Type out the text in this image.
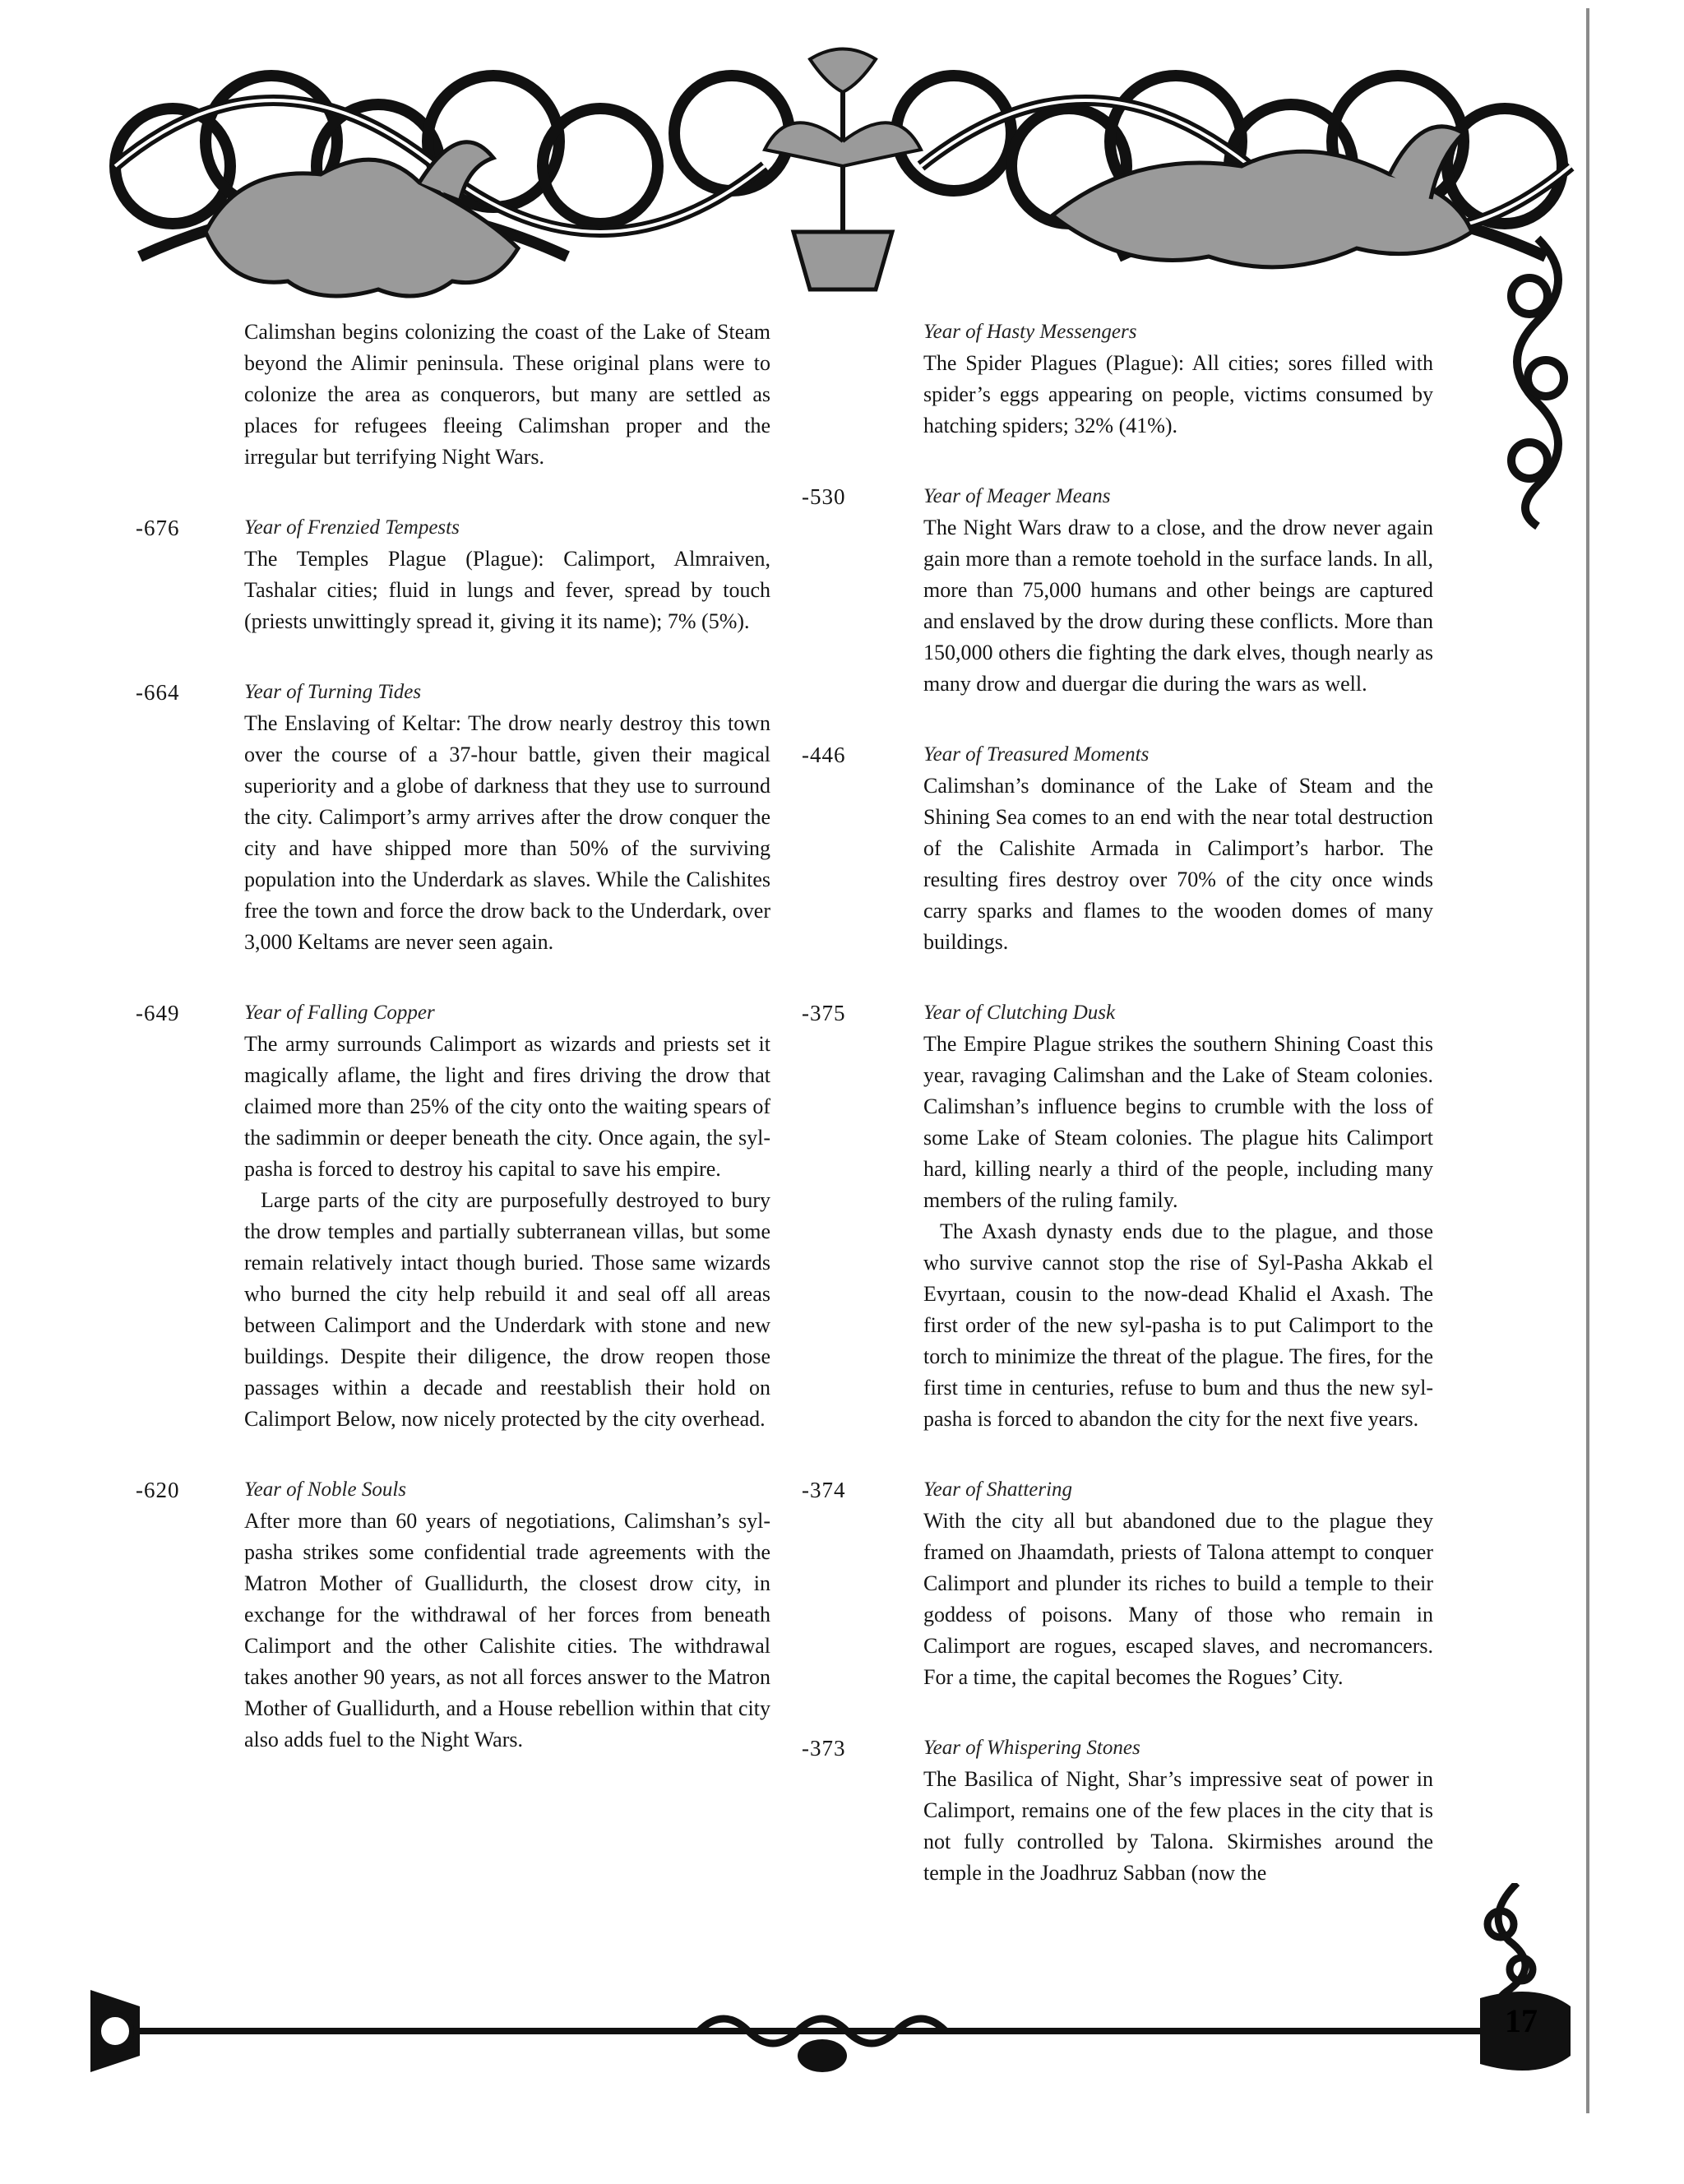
17

Calimshan begins colonizing the coast of the Lake of Steam beyond the Alimir peninsula. These original plans were to colonize the area as conquerors, but many are settled as places for refugees fleeing Calimshan proper and the irregular but terrifying Night Wars.

-676	Year of Frenzied Tempests

The Temples Plague (Plague): Calimport, Almraiven, Tashalar cities; fluid in lungs and fever, spread by touch (priests unwittingly spread it, giving it its name); 7% (5%).

-664	Year of Turning Tides

The Enslaving of Keltar: The drow nearly destroy this town over the course of a 37-hour battle, given their magical superiority and a globe of darkness that they use to surround the city. Calimport’s army arrives after the drow conquer the city and have shipped more than 50% of the surviving population into the Underdark as slaves. While the Calishites free the town and force the drow back to the Underdark, over 3,000 Keltams are never seen again.

-649	Year of Falling Copper

The army surrounds Calimport as wizards and priests set it magically aflame, the light and fires driving the drow that claimed more than 25% of the city onto the waiting spears of the sadimmin or deeper beneath the city. Once again, the syl-pasha is forced to destroy his capital to save his empire.

Large parts of the city are purposefully destroyed to bury the drow temples and partially subterranean villas, but some remain relatively intact though buried. Those same wizards who burned the city help rebuild it and seal off all areas between Calimport and the Underdark with stone and new buildings. Despite their diligence, the drow reopen those passages within a decade and reestablish their hold on Calimport Below, now nicely protected by the city overhead.

-620	Year of Noble Souls

After more than 60 years of negotiations, Calimshan’s syl-pasha strikes some confidential trade agreements with the Matron Mother of Guallidurth, the closest drow city, in exchange for the withdrawal of her forces from beneath Calimport and the other Calishite cities. The withdrawal takes another 90 years, as not all forces answer to the Matron Mother of Guallidurth, and a House rebellion within that city also adds fuel to the Night Wars.

Year of Hasty Messengers

The Spider Plagues (Plague): All cities; sores filled with spider’s eggs appearing on people, victims consumed by hatching spiders; 32% (41%).

-530	Year of Meager Means

The Night Wars draw to a close, and the drow never again gain more than a remote toehold in the surface lands. In all, more than 75,000 humans and other beings are captured and enslaved by the drow during these conflicts. More than 150,000 others die fighting the dark elves, though nearly as many drow and duergar die during the wars as well.

-446	Year of Treasured Moments

Calimshan’s dominance of the Lake of Steam and the Shining Sea comes to an end with the near total destruction of the Calishite Armada in Calimport’s harbor. The resulting fires destroy over 70% of the city once winds carry sparks and flames to the wooden domes of many buildings.

-375	Year of Clutching Dusk

The Empire Plague strikes the southern Shining Coast this year, ravaging Calimshan and the Lake of Steam colonies. Calimshan’s influence begins to crumble with the loss of some Lake of Steam colonies. The plague hits Calimport hard, killing nearly a third of the people, including many members of the ruling family.

The Axash dynasty ends due to the plague, and those who survive cannot stop the rise of Syl-Pasha Akkab el Evyrtaan, cousin to the now-dead Khalid el Axash. The first order of the new syl-pasha is to put Calimport to the torch to minimize the threat of the plague. The fires, for the first time in centuries, refuse to bum and thus the new syl-pasha is forced to abandon the city for the next five years.

-374	Year of Shattering

With the city all but abandoned due to the plague they framed on Jhaamdath, priests of Talona attempt to conquer Calimport and plunder its riches to build a temple to their goddess of poisons. Many of those who remain in Calimport are rogues, escaped slaves, and necromancers. For a time, the capital becomes the Rogues’ City.

-373	Year of Whispering Stones

The Basilica of Night, Shar’s impressive seat of power in Calimport, remains one of the few places in the city that is not fully controlled by Talona. Skirmishes around the temple in the Joadhruz Sabban (now the
